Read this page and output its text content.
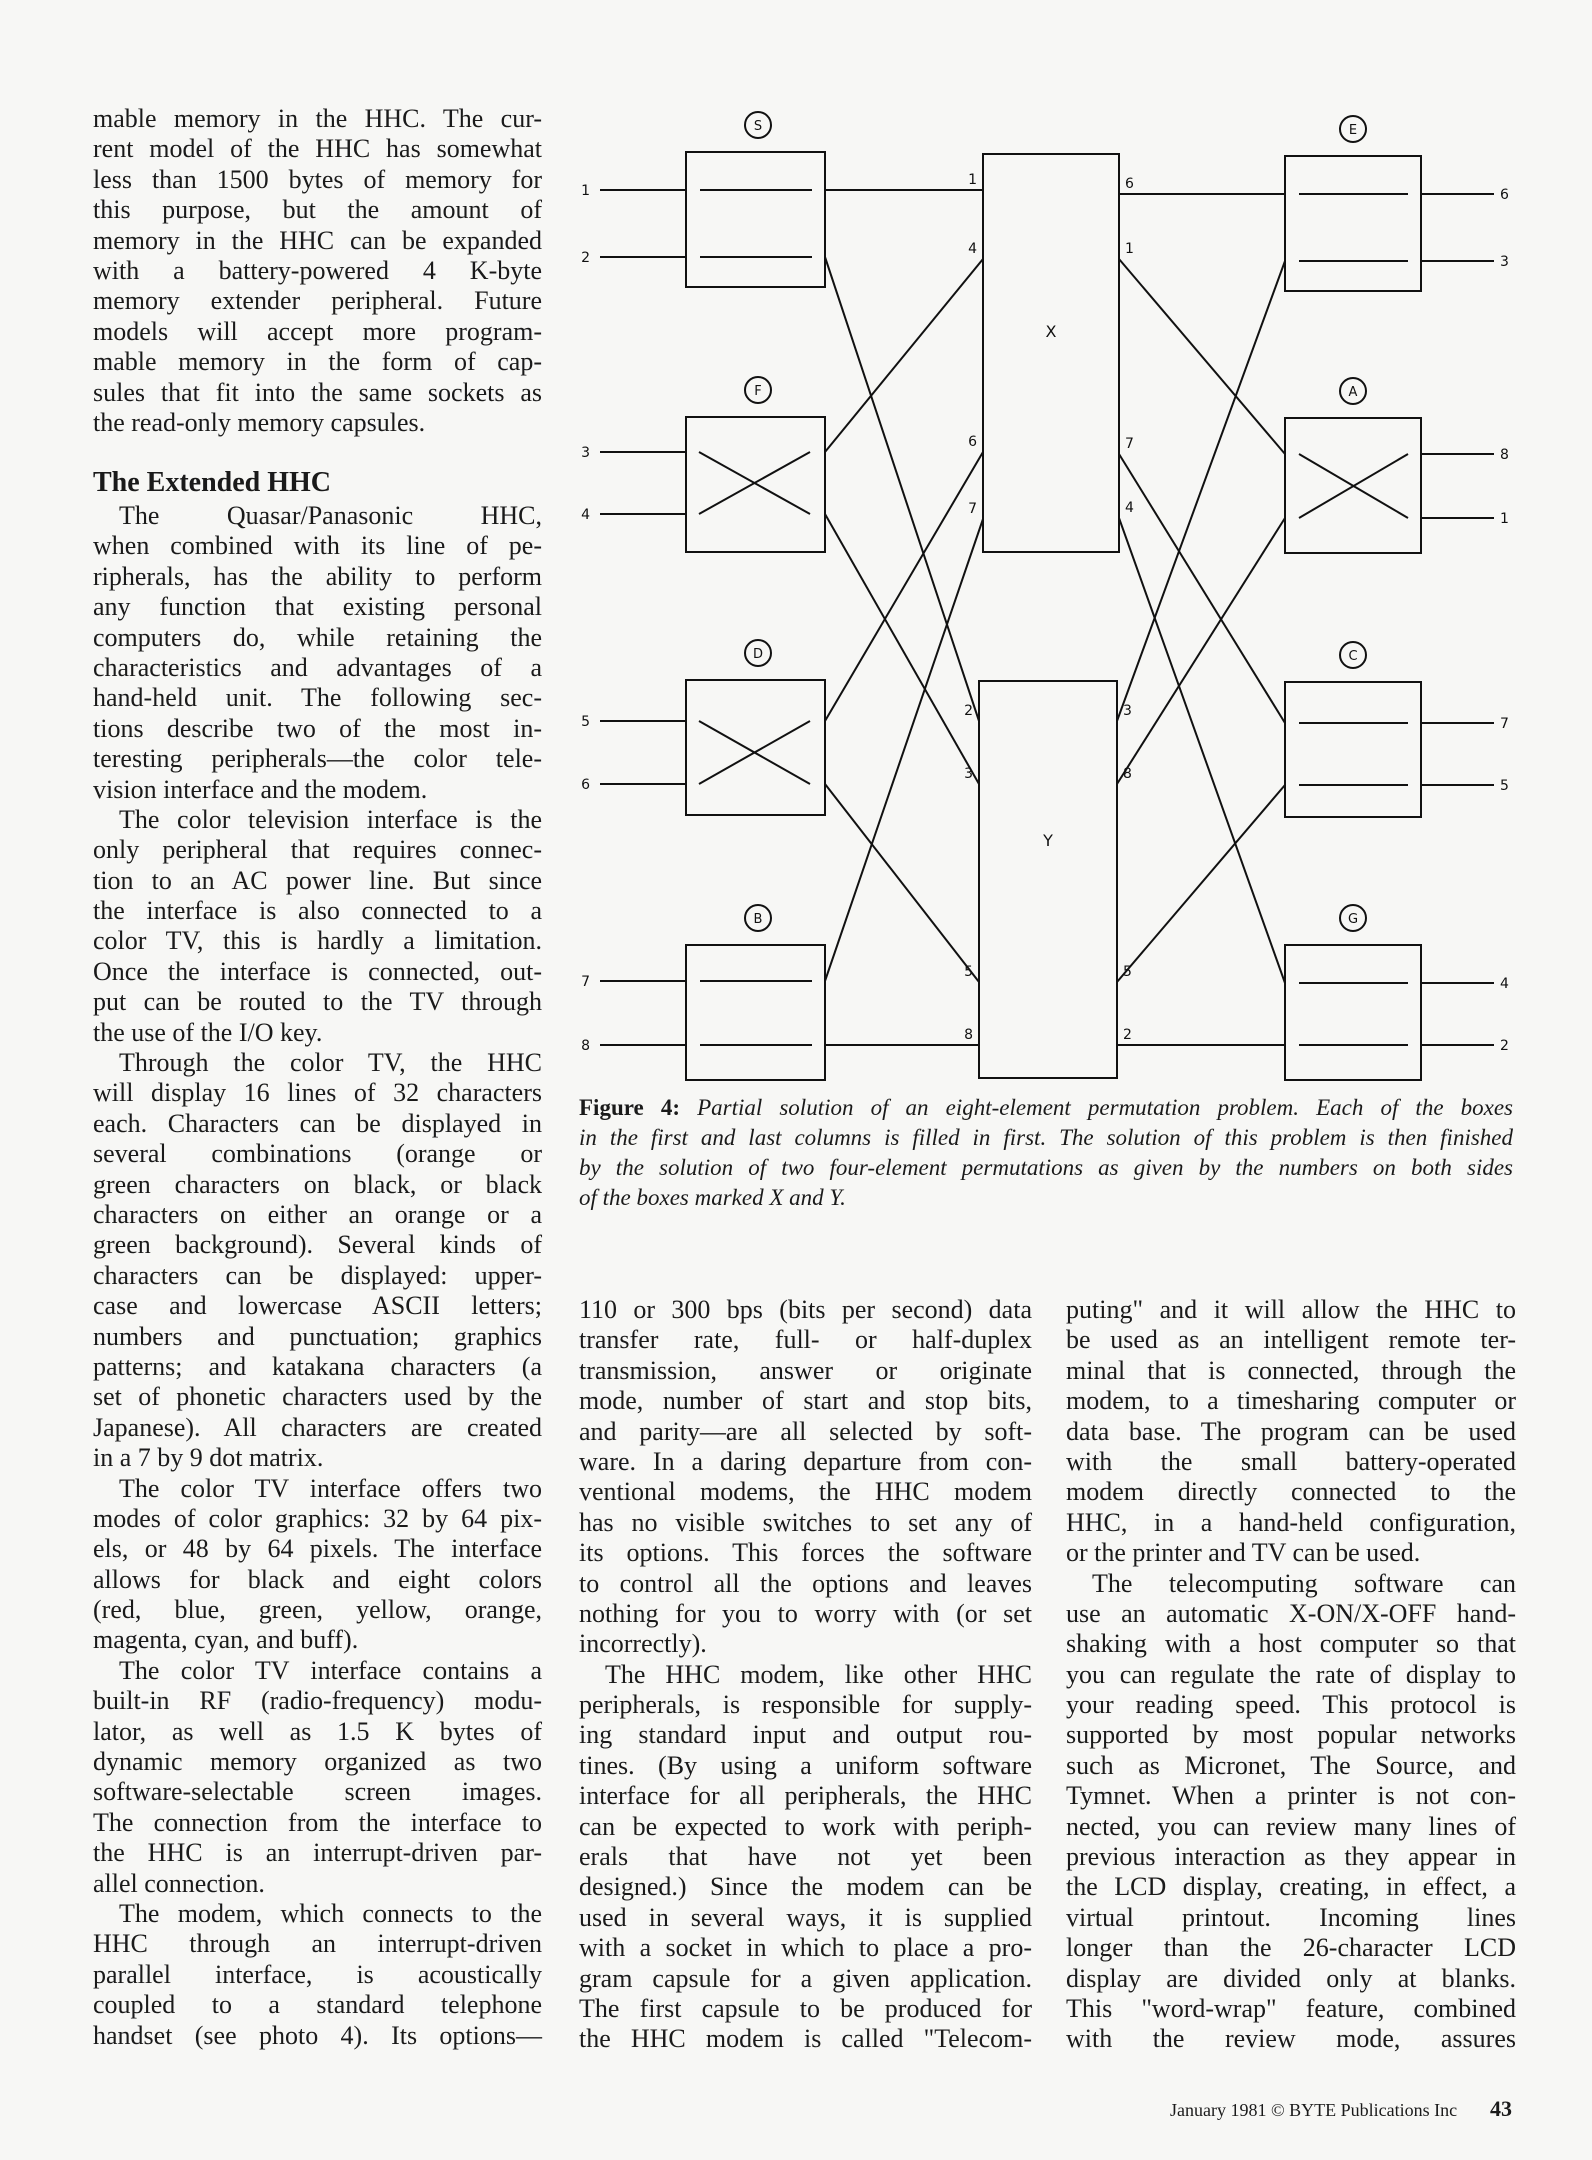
mable memory in the HHC. The cur-
rent model of the HHC has somewhat
less than 1500 bytes of memory for
this purpose, but the amount of
memory in the HHC can be expanded
with a battery-powered 4 K-byte
memory extender peripheral. Future
models will accept more program-
mable memory in the form of cap-
sules that fit into the same sockets as
the read-only memory capsules.
The Extended HHC
The Quasar/Panasonic HHC,
when combined with its line of pe-
ripherals, has the ability to perform
any function that existing personal
computers do, while retaining the
characteristics and advantages of a
hand-held unit. The following sec-
tions describe two of the most in-
teresting peripherals—the color tele-
vision interface and the modem.
The color television interface is the
only peripheral that requires connec-
tion to an AC power line. But since
the interface is also connected to a
color TV, this is hardly a limitation.
Once the interface is connected, out-
put can be routed to the TV through
the use of the I/O key.
Through the color TV, the HHC
will display 16 lines of 32 characters
each. Characters can be displayed in
several combinations (orange or
green characters on black, or black
characters on either an orange or a
green background). Several kinds of
characters can be displayed: upper-
case and lowercase ASCII letters;
numbers and punctuation; graphics
patterns; and katakana characters (a
set of phonetic characters used by the
Japanese). All characters are created
in a 7 by 9 dot matrix.
The color TV interface offers two
modes of color graphics: 32 by 64 pix-
els, or 48 by 64 pixels. The interface
allows for black and eight colors
(red, blue, green, yellow, orange,
magenta, cyan, and buff).
The color TV interface contains a
built-in RF (radio-frequency) modu-
lator, as well as 1.5 K bytes of
dynamic memory organized as two
software-selectable screen images.
The connection from the interface to
the HHC is an interrupt-driven par-
allel connection.
The modem, which connects to the
HHC through an interrupt-driven
parallel interface, is acoustically
coupled to a standard telephone
handset (see photo 4). Its options—
110 or 300 bps (bits per second) data
transfer rate, full- or half-duplex
transmission, answer or originate
mode, number of start and stop bits,
and parity—are all selected by soft-
ware. In a daring departure from con-
ventional modems, the HHC modem
has no visible switches to set any of
its options. This forces the software
to control all the options and leaves
nothing for you to worry with (or set
incorrectly).
The HHC modem, like other HHC
peripherals, is responsible for supply-
ing standard input and output rou-
tines. (By using a uniform software
interface for all peripherals, the HHC
can be expected to work with periph-
erals that have not yet been
designed.) Since the modem can be
used in several ways, it is supplied
with a socket in which to place a pro-
gram capsule for a given application.
The first capsule to be produced for
the HHC modem is called "Telecom-
puting" and it will allow the HHC to
be used as an intelligent remote ter-
minal that is connected, through the
modem, to a timesharing computer or
data base. The program can be used
with the small battery-operated
modem directly connected to the
HHC, in a hand-held configuration,
or the printer and TV can be used.
The telecomputing software can
use an automatic X-ON/X-OFF hand-
shaking with a host computer so that
you can regulate the rate of display to
your reading speed. This protocol is
supported by most popular networks
such as Micronet, The Source, and
Tymnet. When a printer is not con-
nected, you can review many lines of
previous interaction as they appear in
the LCD display, creating, in effect, a
virtual printout. Incoming lines
longer than the 26-character LCD
display are divided only at blanks.
This "word-wrap" feature, combined
with the review mode, assures
S
1
2
F
3
4
D
5
6
B
7
8
E
6
3
A
8
1
C
7
5
G
4
2
X
Y
1
4
6
7
6
1
7
4
2
3
5
8
3
8
5
2
Figure 4: Partial solution of an eight-element permutation problem. Each of the boxes
in the first and last columns is filled in first. The solution of this problem is then finished
by the solution of two four-element permutations as given by the numbers on both sides
of the boxes marked X and Y.
January 1981 © BYTE Publications Inc 43
